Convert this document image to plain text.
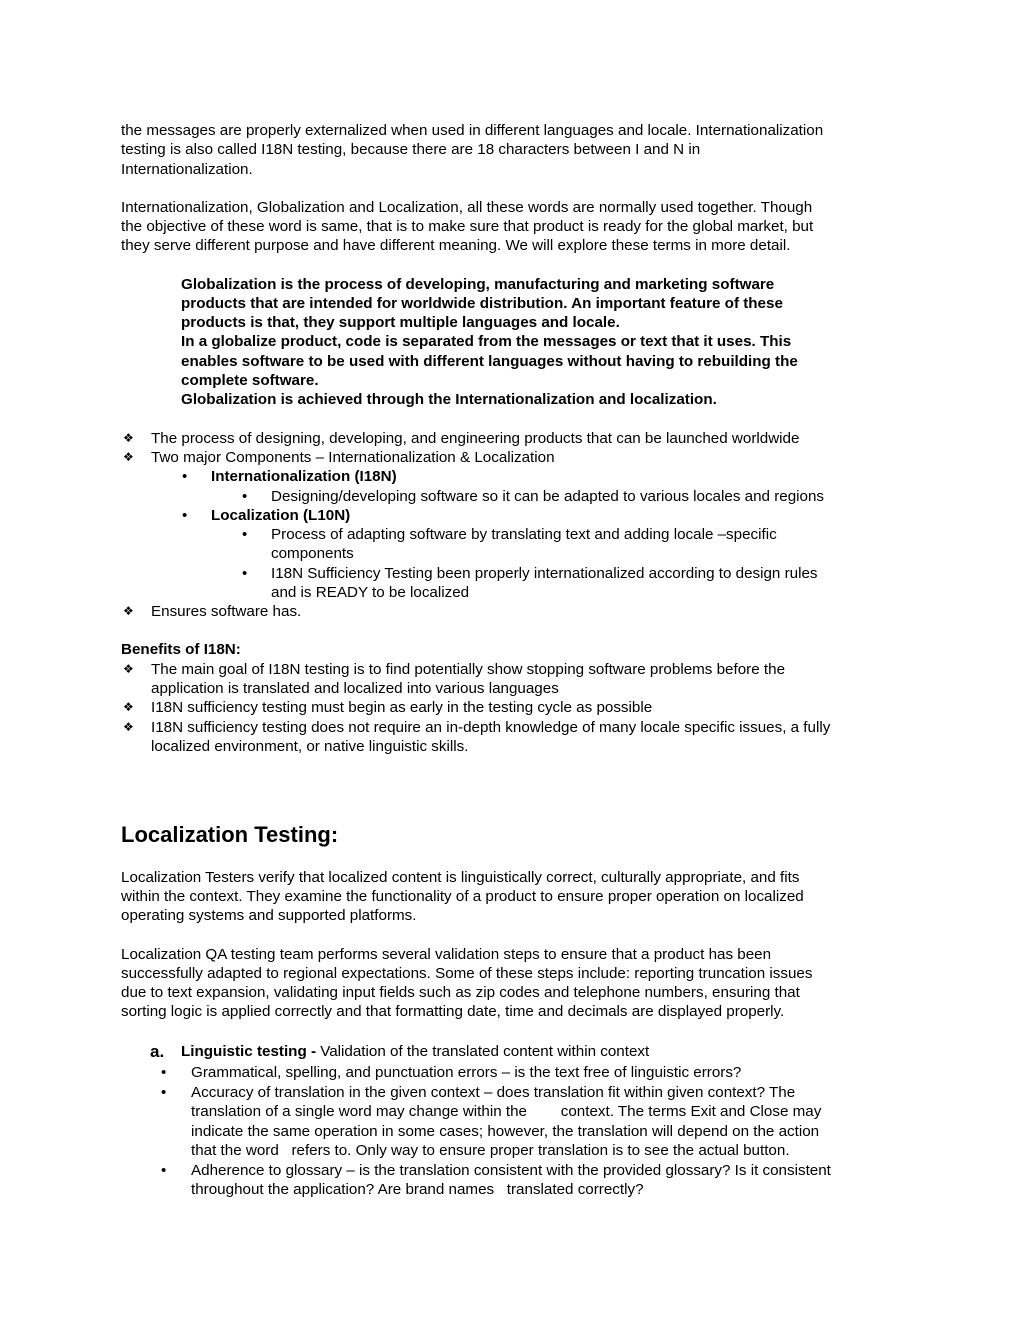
the messages are properly externalized when used in different languages and locale. Internationalization
testing is also called I18N testing, because there are 18 characters between I and N in
Internationalization.
Internationalization, Globalization and Localization, all these words are normally used together. Though
the objective of these word is same, that is to make sure that product is ready for the global market, but
they serve different purpose and have different meaning. We will explore these terms in more detail.
Globalization is the process of developing, manufacturing and marketing software
products that are intended for worldwide distribution. An important feature of these
products is that, they support multiple languages and locale.
In a globalize product, code is separated from the messages or text that it uses. This
enables software to be used with different languages without having to rebuilding the
complete software.
Globalization is achieved through the Internationalization and localization.
❖ The process of designing, developing, and engineering products that can be launched worldwide
❖ Two major Components – Internationalization & Localization
• Internationalization (I18N)
• Designing/developing software so it can be adapted to various locales and regions
• Localization (L10N)
• Process of adapting software by translating text and adding locale –specific
components
• I18N Sufficiency Testing been properly internationalized according to design rules
and is READY to be localized
❖ Ensures software has.
Benefits of I18N:
❖ The main goal of I18N testing is to find potentially show stopping software problems before the
application is translated and localized into various languages
❖ I18N sufficiency testing must begin as early in the testing cycle as possible
❖ I18N sufficiency testing does not require an in-depth knowledge of many locale specific issues, a fully
localized environment, or native linguistic skills.
Localization Testing:
Localization Testers verify that localized content is linguistically correct, culturally appropriate, and fits
within the context. They examine the functionality of a product to ensure proper operation on localized
operating systems and supported platforms.
Localization QA testing team performs several validation steps to ensure that a product has been
successfully adapted to regional expectations. Some of these steps include: reporting truncation issues
due to text expansion, validating input fields such as zip codes and telephone numbers, ensuring that
sorting logic is applied correctly and that formatting date, time and decimals are displayed properly.
a. Linguistic testing - Validation of the translated content within context
• Grammatical, spelling, and punctuation errors – is the text free of linguistic errors?
• Accuracy of translation in the given context – does translation fit within given context? The
translation of a single word may change within the        context. The terms Exit and Close may
indicate the same operation in some cases; however, the translation will depend on the action
that the word   refers to. Only way to ensure proper translation is to see the actual button.
• Adherence to glossary – is the translation consistent with the provided glossary? Is it consistent
throughout the application? Are brand names   translated correctly?
